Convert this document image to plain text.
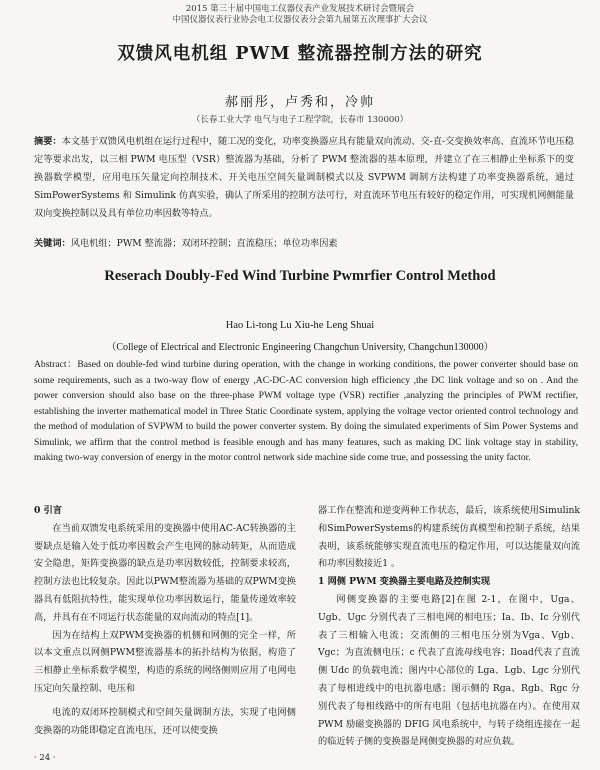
2015 第三十届中国电工仪器仪表产业发展技术研讨会暨展会
中国仪器仪表行业协会电工仪器仪表分会第九届第五次理事扩大会议
双馈风电机组 PWM 整流器控制方法的研究
郝丽彤，卢秀和，冷帅
（长春工业大学 电气与电子工程学院，长春市 130000）
摘要：本文基于双馈风电机组在运行过程中，随工况的变化，功率变换器应具有能量双向流动、交-直-交变换效率高、直流环节电压稳定等要求出发，以三相 PWM 电压型（VSR）整流器为基础，分析了 PWM 整流器的基本原理，并建立了在三相静止坐标系下的变换器数学模型，应用电压矢量定向控制技术、开关电压空间矢量调制模式以及 SVPWM 调制方法构建了功率变换器系统，通过 SimPowerSystems 和 Simulink 仿真实验，确认了所采用的控制方法可行，对直流环节电压有较好的稳定作用，可实现机网侧能量双向变换控制以及具有单位功率因数等特点。
关键词：风电机组；PWM 整流器；双闭环控制；直流稳压；单位功率因素
Reserach Doubly-Fed Wind Turbine Pwmrfier Control Method
Hao Li-tong Lu Xiu-he Leng Shuai
（College of Electrical and Electronic Engineering Changchun University, Changchun130000）
Abstract：Based on double-fed wind turbine during operation, with the change in working conditions, the power converter should base on some requirements, such as a two-way flow of energy ,AC-DC-AC conversion high efficiency ,the DC link voltage and so on . And the power conversion should also base on the three-phase PWM voltage type (VSR) rectifier ,analyzing the principles of PWM rectifier, establishing the inverter mathematical model in Three Static Coordinate system, applying the voltage vector oriented control technology and the method of modulation of SVPWM to build the power converter system. By doing the simulated experiments of Sim Power Systems and Simulink, we affirm that the control method is feasible enough and has many features, such as making DC link voltage stay in stability, making two-way conversion of energy in the motor control network side machine side come true, and possessing the unity factor.

0 引言

在当前双馈发电系统采用的变换器中使用AC-AC转换器的主要缺点是输入处于低功率因数会产生电网的脉动转矩，从而造成安全隐患，矩阵变换器的缺点是功率因数较低，控制要求较高，控制方法也比较复杂。因此以PWM整流器为基础的双PWM变换器具有低阻抗特性，能实现单位功率因数运行，能量传递效率较高，并具有在不同运行状态能量的双向流动的特点[1]。

因为在结构上双PWM变换器的机侧和网侧的完全一样，所以本文重点以网侧PWM整流器基本的拓扑结构为依据，构造了三相静止坐标系数学模型，构造的系统的网络侧则应用了电网电压定向矢量控制、电压和

电流的双闭环控制模式和空间矢量调制方法，实现了电网侧变换器的功能即稳定直流电压，还可以使变换

器工作在整流和逆变两种工作状态，最后，该系统使用Simulink和SimPowerSystems的构建系统仿真模型和控制子系统，结果表明，该系统能够实现直流电压的稳定作用，可以达能量双向流和功率因数接近1 。

1 网侧 PWM 变换器主要电路及控制实现

网侧变换器的主要电路[2]在图 2-1，在图中，Uga、Ugb、Ugc 分别代表了三相电网的相电压；Ia、Ib、Ic 分别代表了三相输入电流；交流侧的三相电压分别为Vga、Vgb、Vgc；为直流侧电压；c 代表了直流母线电容；Iload代表了直流侧 Udc 的负载电流；图内中心部位的 Lga、Lgb、Lgc 分别代表了每相进线中的电抗器电感；图示侧的 Rga、Rgb、Rgc 分别代表了每相线路中的所有电阻（包括电抗器在内）。在使用双 PWM 励磁变换器的 DFIG 风电系统中，与转子绕组连接在一起的临近转子侧的变换器是网侧变换器的对应负载。

· 24 ·
